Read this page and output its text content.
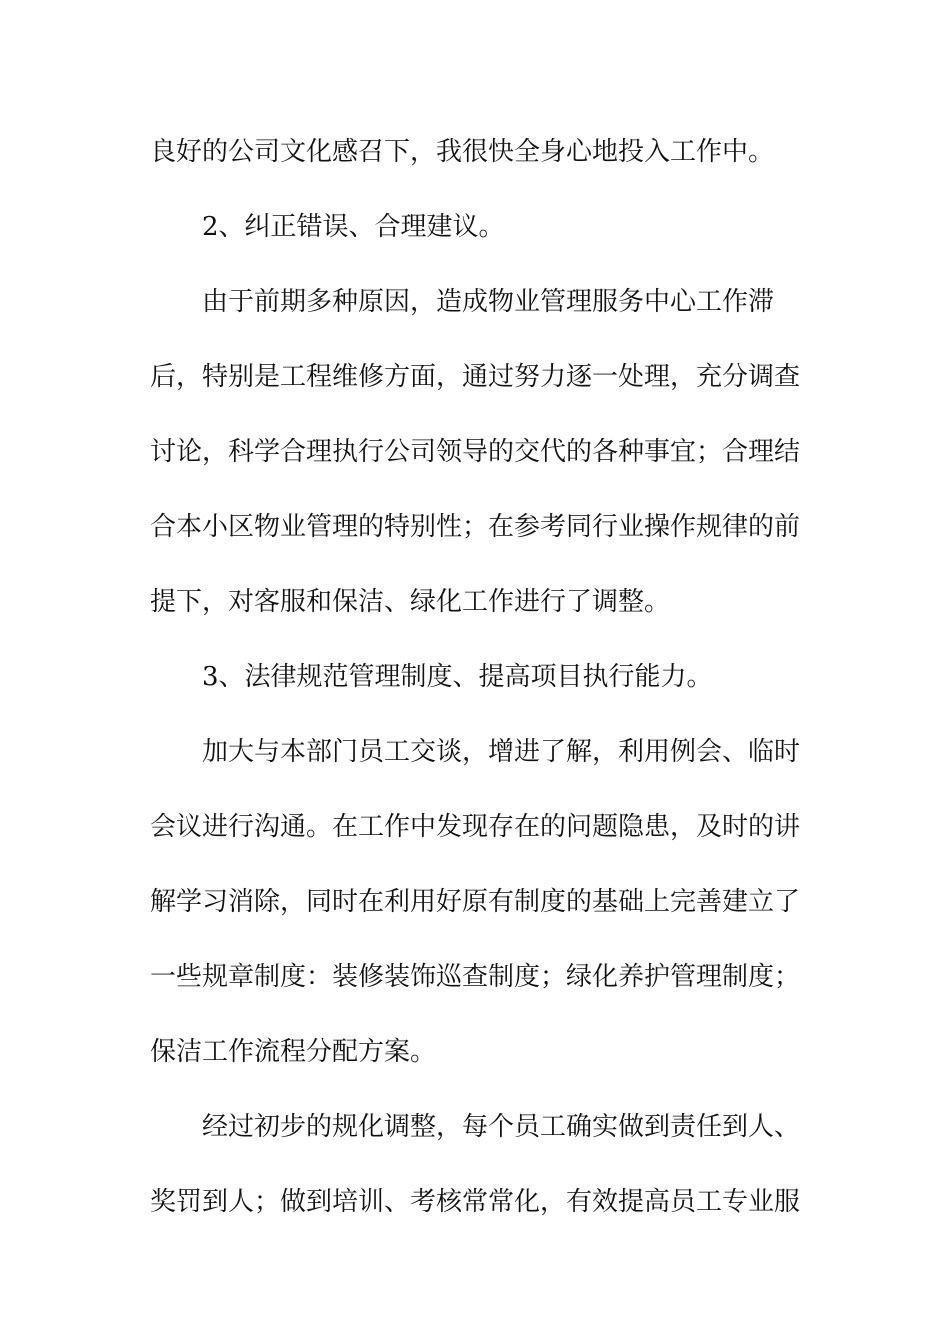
良好的公司文化感召下，我很快全身心地投入工作中。
2、纠正错误、合理建议。
由于前期多种原因，造成物业管理服务中心工作滞
后，特别是工程维修方面，通过努力逐一处理，充分调查
讨论，科学合理执行公司领导的交代的各种事宜；合理结
合本小区物业管理的特别性；在参考同行业操作规律的前
提下，对客服和保洁、绿化工作进行了调整。
3、法律规范管理制度、提高项目执行能力。
加大与本部门员工交谈，增进了解，利用例会、临时
会议进行沟通。在工作中发现存在的问题隐患，及时的讲
解学习消除，同时在利用好原有制度的基础上完善建立了
一些规章制度：装修装饰巡查制度；绿化养护管理制度；
保洁工作流程分配方案。
经过初步的规化调整，每个员工确实做到责任到人、
奖罚到人；做到培训、考核常常化，有效提高员工专业服
